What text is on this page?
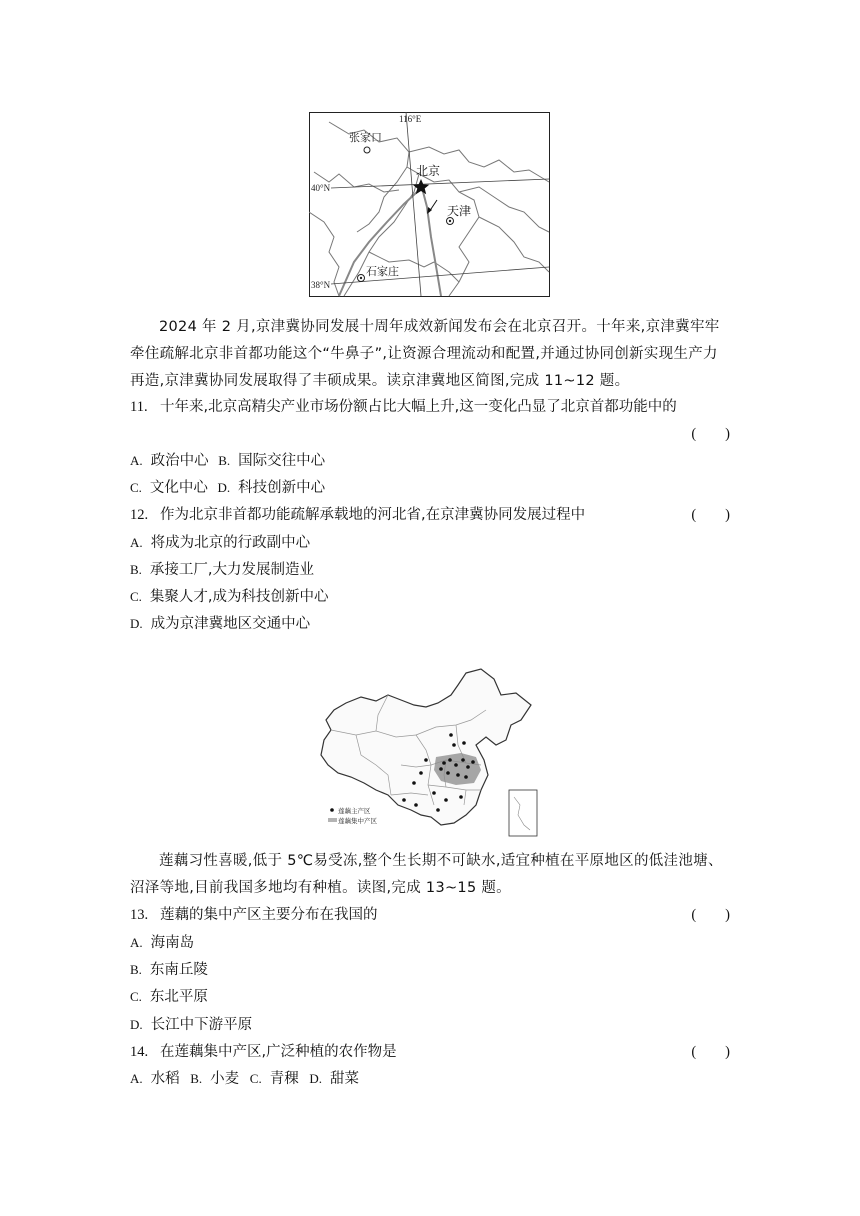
116°E
40°N
38°N
张家口
北京
天津
石家庄

2024 年 2 月,京津冀协同发展十周年成效新闻发布会在北京召开。十年来,京津冀牢牢牵住疏解北京非首都功能这个“牛鼻子”,让资源合理流动和配置,并通过协同创新实现生产力再造,京津冀协同发展取得了丰硕成果。读京津冀地区简图,完成 11~12 题。

11. 十年来,北京高精尖产业市场份额占比大幅上升,这一变化凸显了北京首都功能中的
(　　)
A. 政治中心 B. 国际交往中心
C. 文化中心 D. 科技创新中心
12. 作为北京非首都功能疏解承载地的河北省,在京津冀协同发展过程中	(　　)
A. 将成为北京的行政副中心
B. 承接工厂,大力发展制造业
C. 集聚人才,成为科技创新中心
D. 成为京津冀地区交通中心
莲藕主产区
莲藕集中产区

莲藕习性喜暖,低于 5℃易受冻,整个生长期不可缺水,适宜种植在平原地区的低洼池塘、沼泽等地,目前我国多地均有种植。读图,完成 13~15 题。

13. 莲藕的集中产区主要分布在我国的	(　　)
A. 海南岛
B. 东南丘陵
C. 东北平原
D. 长江中下游平原
14. 在莲藕集中产区,广泛种植的农作物是	(　　)
A. 水稻 B. 小麦 C. 青稞 D. 甜菜
